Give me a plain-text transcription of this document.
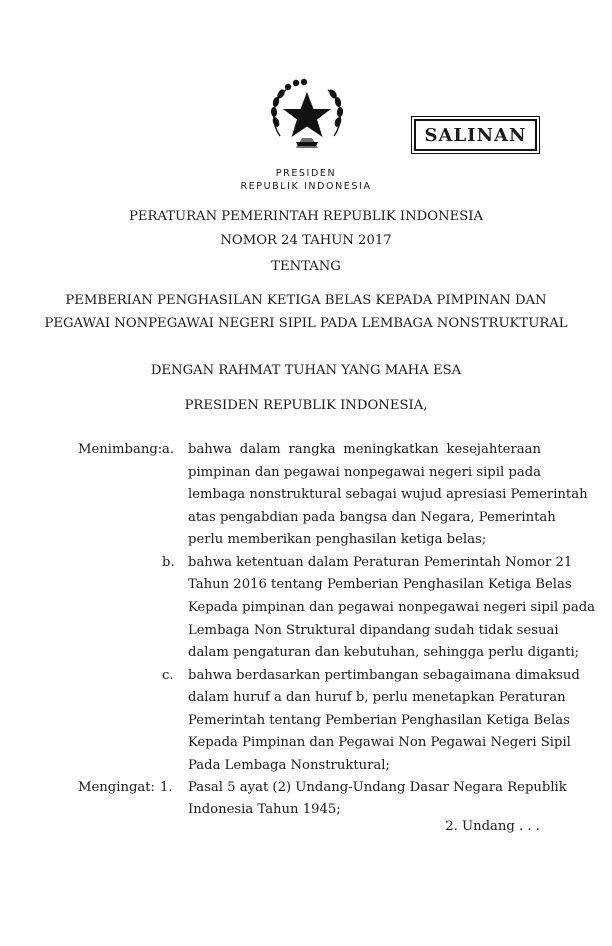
SALINAN
PRESIDEN
REPUBLIK INDONESIA
PERATURAN PEMERINTAH REPUBLIK INDONESIA
NOMOR 24 TAHUN 2017
TENTANG
PEMBERIAN PENGHASILAN KETIGA BELAS KEPADA PIMPINAN DAN
PEGAWAI NONPEGAWAI NEGERI SIPIL PADA LEMBAGA NONSTRUKTURAL
DENGAN RAHMAT TUHAN YANG MAHA ESA
PRESIDEN REPUBLIK INDONESIA,
Menimbang: a. bahwa dalam rangka meningkatkan kesejahteraan
pimpinan dan pegawai nonpegawai negeri sipil pada
lembaga nonstruktural sebagai wujud apresiasi Pemerintah
atas pengabdian pada bangsa dan Negara, Pemerintah
perlu memberikan penghasilan ketiga belas;
b. bahwa ketentuan dalam Peraturan Pemerintah Nomor 21
Tahun 2016 tentang Pemberian Penghasilan Ketiga Belas
Kepada pimpinan dan pegawai nonpegawai negeri sipil pada
Lembaga Non Struktural dipandang sudah tidak sesuai
dalam pengaturan dan kebutuhan, sehingga perlu diganti;
c. bahwa berdasarkan pertimbangan sebagaimana dimaksud
dalam huruf a dan huruf b, perlu menetapkan Peraturan
Pemerintah tentang Pemberian Penghasilan Ketiga Belas
Kepada Pimpinan dan Pegawai Non Pegawai Negeri Sipil
Pada Lembaga Nonstruktural;
Mengingat: 1. Pasal 5 ayat (2) Undang-Undang Dasar Negara Republik
Indonesia Tahun 1945;
2. Undang . . .
